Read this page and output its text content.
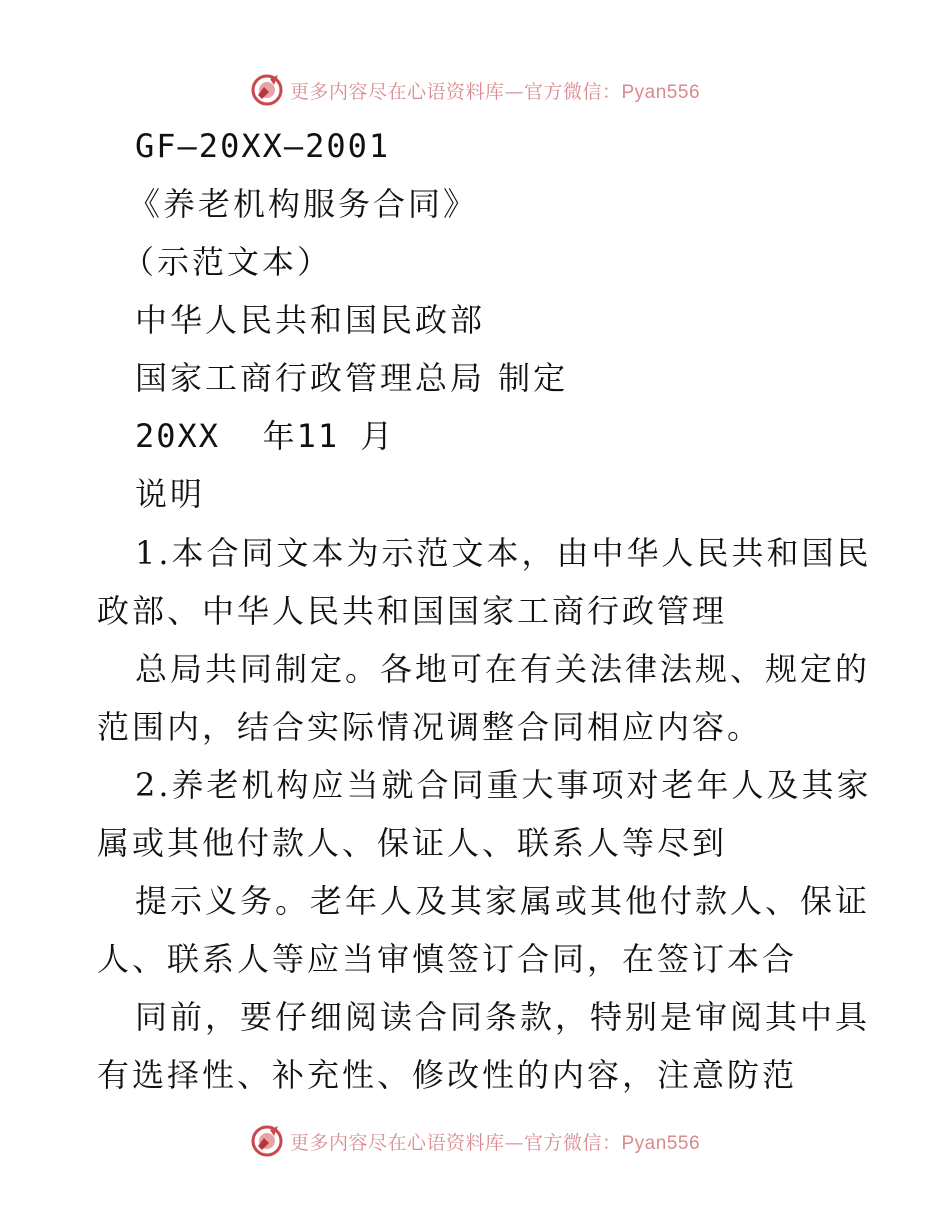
更多内容尽在心语资料库—官方微信：Pyan556
GF—20XX—2001
《养老机构服务合同》
（示范文本）
中华人民共和国民政部
国家工商行政管理总局 制定
20XX  年11 月
说明
1.本合同文本为示范文本，由中华人民共和国民
政部、中华人民共和国国家工商行政管理
总局共同制定。各地可在有关法律法规、规定的
范围内，结合实际情况调整合同相应内容。
2.养老机构应当就合同重大事项对老年人及其家
属或其他付款人、保证人、联系人等尽到
提示义务。老年人及其家属或其他付款人、保证
人、联系人等应当审慎签订合同，在签订本合
同前，要仔细阅读合同条款，特别是审阅其中具
有选择性、补充性、修改性的内容，注意防范
更多内容尽在心语资料库—官方微信：Pyan556
